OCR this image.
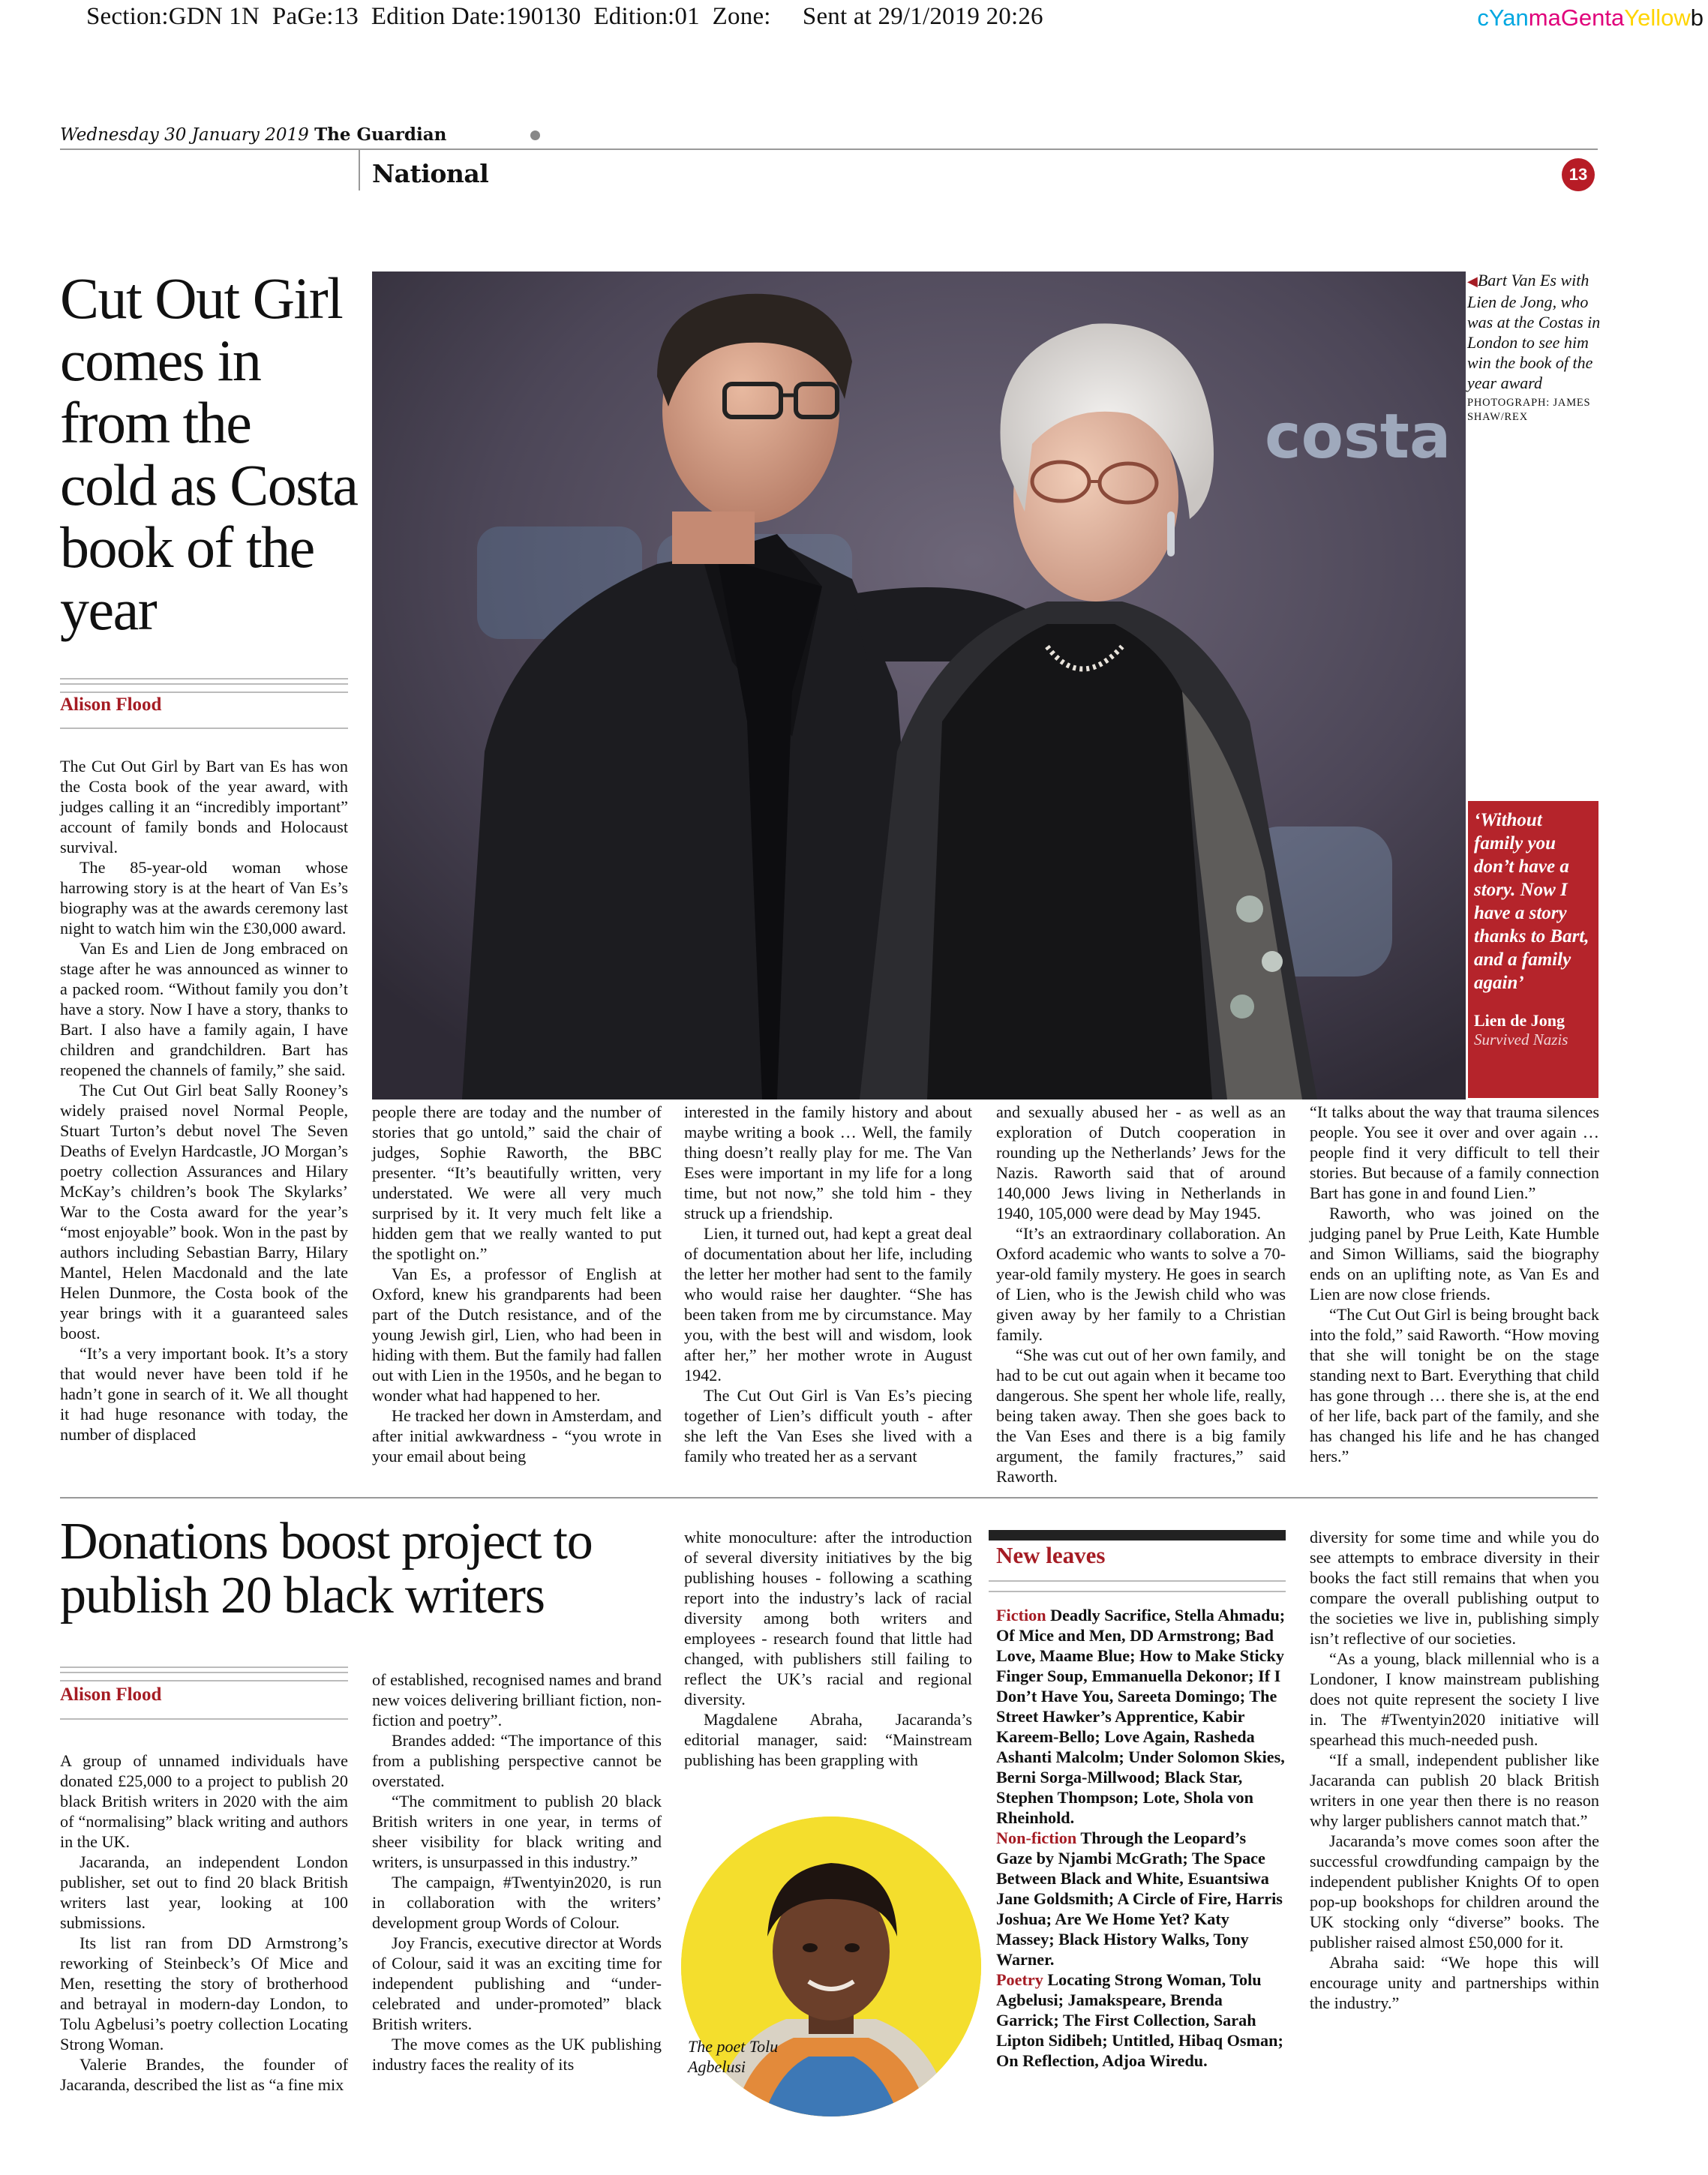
Section:GDN 1N  PaGe:13  Edition Date:190130  Edition:01  Zone:     Sent at 29/1/2019 20:26	cYanmaGentaYellowb
Wednesday 30 January 2019 The Guardian
National	13
Cut Out Girl comes in from the cold as Costa book of the year
Alison Flood

The Cut Out Girl by Bart van Es has won the Costa book of the year award, with judges calling it an “incredibly important” account of family bonds and Holocaust survival.

The 85-year-old woman whose harrowing story is at the heart of Van Es’s biography was at the awards ceremony last night to watch him win the £30,000 award.

Van Es and Lien de Jong embraced on stage after he was announced as winner to a packed room. “Without family you don’t have a story. Now I have a story, thanks to Bart. I also have a family again, I have children and grandchildren. Bart has reopened the channels of family,” she said.

The Cut Out Girl beat Sally Rooney’s widely praised novel Normal People, Stuart Turton’s debut novel The Seven Deaths of Evelyn Hardcastle, JO Morgan’s poetry collection Assurances and Hilary McKay’s children’s book The Skylarks’ War to the Costa award for the year’s “most enjoyable” book. Won in the past by authors including Sebastian Barry, Hilary Mantel, Helen Macdonald and the late Helen Dunmore, the Costa book of the year brings with it a guaranteed sales boost.

“It’s a very important book. It’s a story that would never have been told if he hadn’t gone in search of it. We all thought it had huge resonance with today, the number of displaced

people there are today and the number of stories that go untold,” said the chair of judges, Sophie Raworth, the BBC presenter. “It’s beautifully written, very understated. We were all very much surprised by it. It very much felt like a hidden gem that we really wanted to put the spotlight on.”

Van Es, a professor of English at Oxford, knew his grandparents had been part of the Dutch resistance, and of the young Jewish girl, Lien, who had been in hiding with them. But the family had fallen out with Lien in the 1950s, and he began to wonder what had happened to her.

He tracked her down in Amsterdam, and after initial awkwardness - “you wrote in your email about being

interested in the family history and about maybe writing a book … Well, the family thing doesn’t really play for me. The Van Eses were important in my life for a long time, but not now,” she told him - they struck up a friendship.

Lien, it turned out, had kept a great deal of documentation about her life, including the letter her mother had sent to the family who would raise her daughter. “She has been taken from me by circumstance. May you, with the best will and wisdom, look after her,” her mother wrote in August 1942.

The Cut Out Girl is Van Es’s piecing together of Lien’s difficult youth - after she left the Van Eses she lived with a family who treated her as a servant

and sexually abused her - as well as an exploration of Dutch cooperation in rounding up the Netherlands’ Jews for the Nazis. Raworth said that of around 140,000 Jews living in Netherlands in 1940, 105,000 were dead by May 1945.

“It’s an extraordinary collaboration. An Oxford academic who wants to solve a 70-year-old family mystery. He goes in search of Lien, who is the Jewish child who was given away by her family to a Christian family.

“She was cut out of her own family, and had to be cut out again when it became too dangerous. She spent her whole life, really, being taken away. Then she goes back to the Van Eses and there is a big family argument, the family fractures,” said Raworth.

“It talks about the way that trauma silences people. You see it over and over again … people find it very difficult to tell their stories. But because of a family connection Bart has gone in and found Lien.”

Raworth, who was joined on the judging panel by Prue Leith, Kate Humble and Simon Williams, said the biography ends on an uplifting note, as Van Es and Lien are now close friends.

“The Cut Out Girl is being brought back into the fold,” said Raworth. “How moving that she will tonight be on the stage standing next to Bart. Everything that child has gone through … there she is, at the end of her life, back part of the family, and she has changed his life and he has changed hers.”

costa
◀Bart Van Es with Lien de Jong, who was at the Costas in London to see him win the book of the year award
PHOTOGRAPH: JAMES SHAW/REX
‘Without family you don’t have a story. Now I have a story thanks to Bart, and a family again’
Lien de Jong
Survived Nazis
Donations boost project to publish 20 black writers
Alison Flood

A group of unnamed individuals have donated £25,000 to a project to publish 20 black British writers in 2020 with the aim of “normalising” black writing and authors in the UK.

Jacaranda, an independent London publisher, set out to find 20 black British writers last year, looking at 100 submissions.

Its list ran from DD Armstrong’s reworking of Steinbeck’s Of Mice and Men, resetting the story of brotherhood and betrayal in modern-day London, to Tolu Agbelusi’s poetry collection Locating Strong Woman.

Valerie Brandes, the founder of Jacaranda, described the list as “a fine mix

of established, recognised names and brand new voices delivering brilliant fiction, non-fiction and poetry”.

Brandes added: “The importance of this from a publishing perspective cannot be overstated.

“The commitment to publish 20 black British writers in one year, in terms of sheer visibility for black writing and writers, is unsurpassed in this industry.”

The campaign, #Twentyin2020, is run in collaboration with the writers’ development group Words of Colour.

Joy Francis, executive director at Words of Colour, said it was an exciting time for independent publishing and “under-celebrated and under-promoted” black British writers.

The move comes as the UK publishing industry faces the reality of its

white monoculture: after the introduction of several diversity initiatives by the big publishing houses - following a scathing report into the industry’s lack of racial diversity among both writers and employees - research found that little had changed, with publishers still failing to reflect the UK’s racial and regional diversity.

Magdalene Abraha, Jacaranda’s editorial manager, said: “Mainstream publishing has been grappling with

The poet Tolu Agbelusi
New leaves
Fiction Deadly Sacrifice, Stella Ahmadu; Of Mice and Men, DD Armstrong; Bad Love, Maame Blue; How to Make Sticky Finger Soup, Emmanuella Dekonor; If I Don’t Have You, Sareeta Domingo; The Street Hawker’s Apprentice, Kabir Kareem-Bello; Love Again, Rasheda Ashanti Malcolm; Under Solomon Skies, Berni Sorga-Millwood; Black Star, Stephen Thompson; Lote, Shola von Rheinhold.
Non-fiction Through the Leopard’s Gaze by Njambi McGrath; The Space Between Black and White, Esuantsiwa Jane Goldsmith; A Circle of Fire, Harris Joshua; Are We Home Yet? Katy Massey; Black History Walks, Tony Warner.
Poetry Locating Strong Woman, Tolu Agbelusi; Jamakspeare, Brenda Garrick; The First Collection, Sarah Lipton Sidibeh; Untitled, Hibaq Osman; On Reflection, Adjoa Wiredu.

diversity for some time and while you do see attempts to embrace diversity in their books the fact still remains that when you compare the overall publishing output to the societies we live in, publishing simply isn’t reflective of our societies.

“As a young, black millennial who is a Londoner, I know mainstream publishing does not quite represent the society I live in. The #Twentyin2020 initiative will spearhead this much-needed push.

“If a small, independent publisher like Jacaranda can publish 20 black British writers in one year then there is no reason why larger publishers cannot match that.”

Jacaranda’s move comes soon after the successful crowdfunding campaign by the independent publisher Knights Of to open pop-up bookshops for children around the UK stocking only “diverse” books. The publisher raised almost £50,000 for it.

Abraha said: “We hope this will encourage unity and partnerships within the industry.”
